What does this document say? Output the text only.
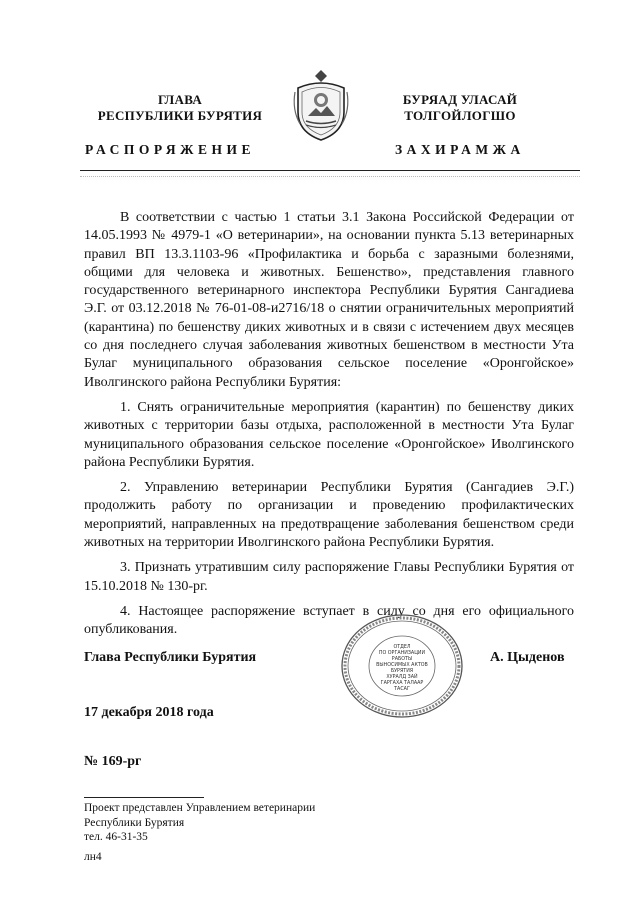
ГЛАВА
РЕСПУБЛИКИ БУРЯТИЯ
БУРЯАД УЛАСАЙ
ТОЛГОЙЛОГШО
РАСПОРЯЖЕНИЕ	ЗАХИРАМЖА

В соответствии с частью 1 статьи 3.1 Закона Российской Федерации от 14.05.1993 № 4979-1 «О ветеринарии», на основании пункта 5.13 ветеринарных правил ВП 13.3.1103-96 «Профилактика и борьба с заразными болезнями, общими для человека и животных. Бешенство», представления главного государственного ветеринарного инспектора Республики Бурятия Сангадиева Э.Г. от 03.12.2018 № 76-01-08-и2716/18 о снятии ограничительных мероприятий (карантина) по бешенству диких животных и в связи с истечением двух месяцев со дня последнего случая заболевания животных бешенством в местности Ута Булаг муниципального образования сельское поселение «Оронгойское» Иволгинского района Республики Бурятия:

1. Снять ограничительные мероприятия (карантин) по бешенству диких животных с территории базы отдыха, расположенной в местности Ута Булаг муниципального образования сельское поселение «Оронгойское» Иволгинского района Республики Бурятия.

2. Управлению ветеринарии Республики Бурятия (Сангадиев Э.Г.) продолжить работу по организации и проведению профилактических мероприятий, направленных на предотвращение заболевания бешенством среди животных на территории Иволгинского района Республики Бурятия.

3. Признать утратившим силу распоряжение Главы Республики Бурятия от 15.10.2018 № 130-рг.

4. Настоящее распоряжение вступает в силу со дня его официального опубликования.

Глава Республики Бурятия	А. Цыденов
ОТДЕЛ
ПО ОРГАНИЗАЦИИ
РАБОТЫ
ВЫНОСИМЫХ АКТОВ
БУРЯТИЯ
ХУРАЛД ЗАЙ
ГАРГАХА ТАЛААР
ТАСАГ
17 декабря 2018 года
№ 169-рг
Проект представлен Управлением ветеринарии
Республики Бурятия
тел. 46-31-35
лн4
